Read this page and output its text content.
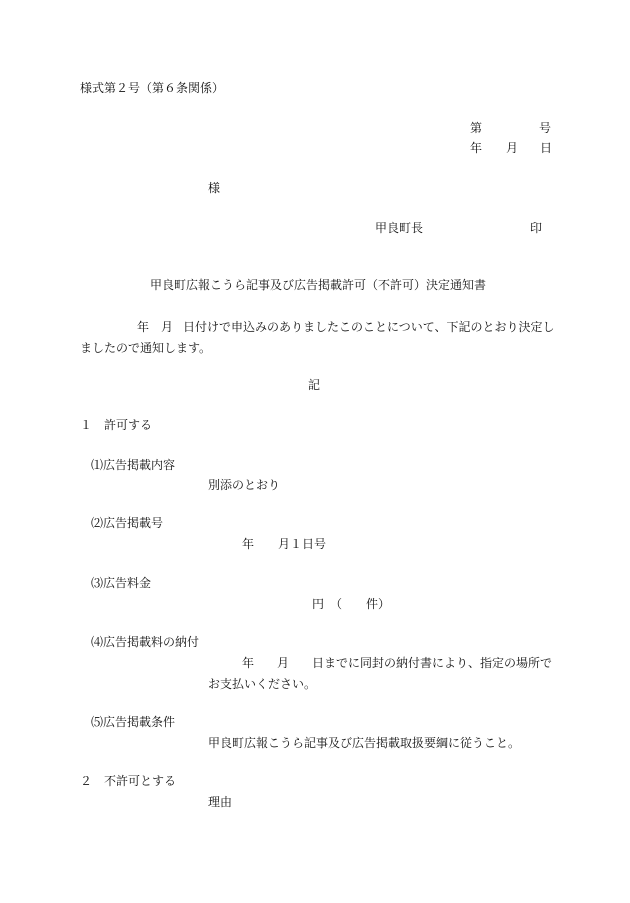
様式第２号（第６条関係）
第	号
年 月 日
様
甲良町長	印
甲良町広報こうら記事及び広告掲載許可（不許可）決定通知書
年 月 日付けで申込みのありましたこのことについて、下記のとおり決定し
ましたので通知します。
記
１　許可する
⑴広告掲載内容
別添のとおり
⑵広告掲載号
年 月１日号
⑶広告料金
円　（　　件）
⑷広告掲載料の納付
年 月 日までに同封の納付書により、指定の場所で
お支払いください。
⑸広告掲載条件
甲良町広報こうら記事及び広告掲載取扱要綱に従うこと。
２　不許可とする
理由
